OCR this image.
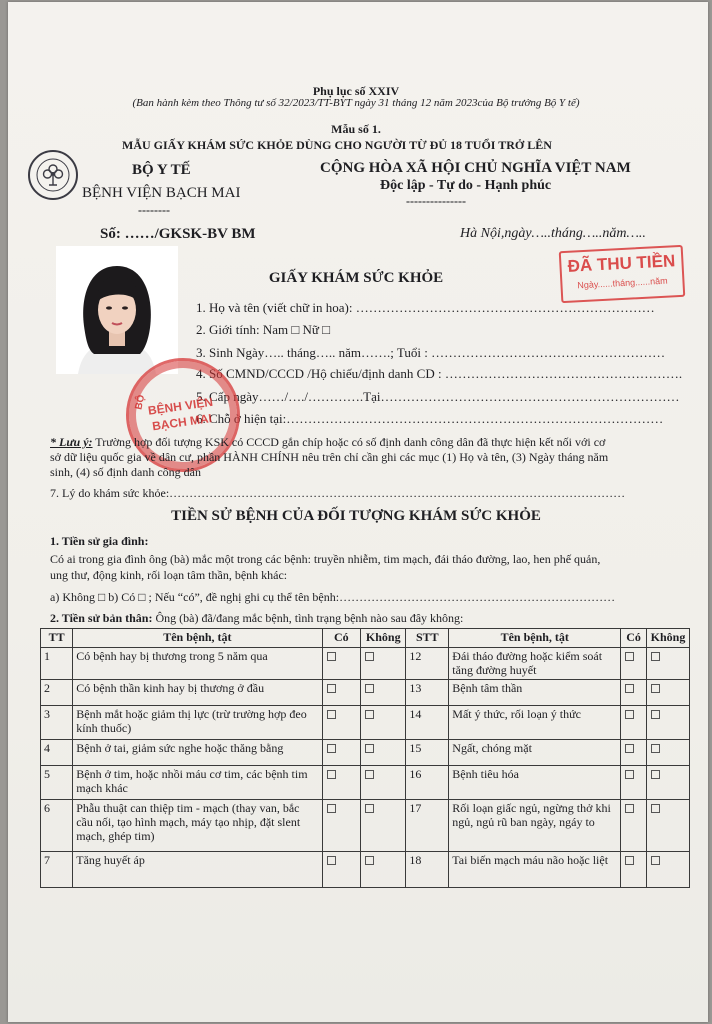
Phụ lục số XXIV
(Ban hành kèm theo Thông tư số 32/2023/TT-BYT ngày 31 tháng 12 năm 2023của Bộ trưởng Bộ Y tế)
Mẫu số 1.
MẪU GIẤY KHÁM SỨC KHỎE DÙNG CHO NGƯỜI TỪ ĐỦ 18 TUỔI TRỞ LÊN
BỘ Y TẾ
BỆNH VIỆN BẠCH MAI
--------
CỘNG HÒA XÃ HỘI CHỦ NGHĨA VIỆT NAM
Độc lập - Tự do - Hạnh phúc
---------------
Số: ……/GKSK-BV BM	Hà Nội,ngày…..tháng…..năm…..
ĐÃ THU TIỀN
Ngày......tháng......năm
GIẤY KHÁM SỨC KHỎE
1. Họ và tên (viết chữ in hoa): ……………………………………………………………
2. Giới tính: Nam □ Nữ □
3. Sinh Ngày….. tháng….. năm…….; Tuổi : ………………………………………………
4. Số CMND/CCCD /Hộ chiếu/định danh CD : ……………………………………………….
5. Cấp ngày……/…./………….Tại……………………………………………………………
6. Chỗ ở hiện tại:……………………………………………………………………………
BỘ BỆNH VIỆN
BẠCH MAI
* Lưu ý: Trường hợp đối tượng KSK có CCCD gắn chíp hoặc có số định danh công dân đã thực hiện kết nối với cơ
sở dữ liệu quốc gia về dân cư, phần HÀNH CHÍNH nêu trên chỉ cần ghi các mục (1) Họ và tên, (3) Ngày tháng năm
sinh, (4) số định danh công dân
7. Lý do khám sức khỏe:……………………………………………………………………………………………………
TIỀN SỬ BỆNH CỦA ĐỐI TƯỢNG KHÁM SỨC KHỎE
1. Tiền sử gia đình:
Có ai trong gia đình ông (bà) mắc một trong các bệnh: truyền nhiễm, tim mạch, đái tháo đường, lao, hen phế quản,
ung thư, động kinh, rối loạn tâm thần, bệnh khác:
a) Không □ b) Có □ ; Nếu “có”, đề nghị ghi cụ thể tên bệnh:……………………………………………………………
2. Tiền sử bản thân: Ông (bà) đã/đang mắc bệnh, tình trạng bệnh nào sau đây không:
TT	Tên bệnh, tật	Có	Không	STT	Tên bệnh, tật	Có	Không
1	Có bệnh hay bị thương trong 5 năm qua			12	Đái tháo đường hoặc kiểm soát tăng đường huyết		
2	Có bệnh thần kinh hay bị thương ở đầu			13	Bệnh tâm thần		
3	Bệnh mắt hoặc giảm thị lực (trừ trường hợp đeo kính thuốc)			14	Mất ý thức, rối loạn ý thức		
4	Bệnh ở tai, giảm sức nghe hoặc thăng bằng			15	Ngất, chóng mặt		
5	Bệnh ở tim, hoặc nhồi máu cơ tim, các bệnh tim mạch khác			16	Bệnh tiêu hóa		
6	Phẫu thuật can thiệp tim - mạch (thay van, bắc cầu nối, tạo hình mạch, máy tạo nhịp, đặt slent mạch, ghép tim)			17	Rối loạn giấc ngủ, ngừng thở khi ngủ, ngủ rũ ban ngày, ngáy to		
7	Tăng huyết áp			18	Tai biến mạch máu não hoặc liệt		
